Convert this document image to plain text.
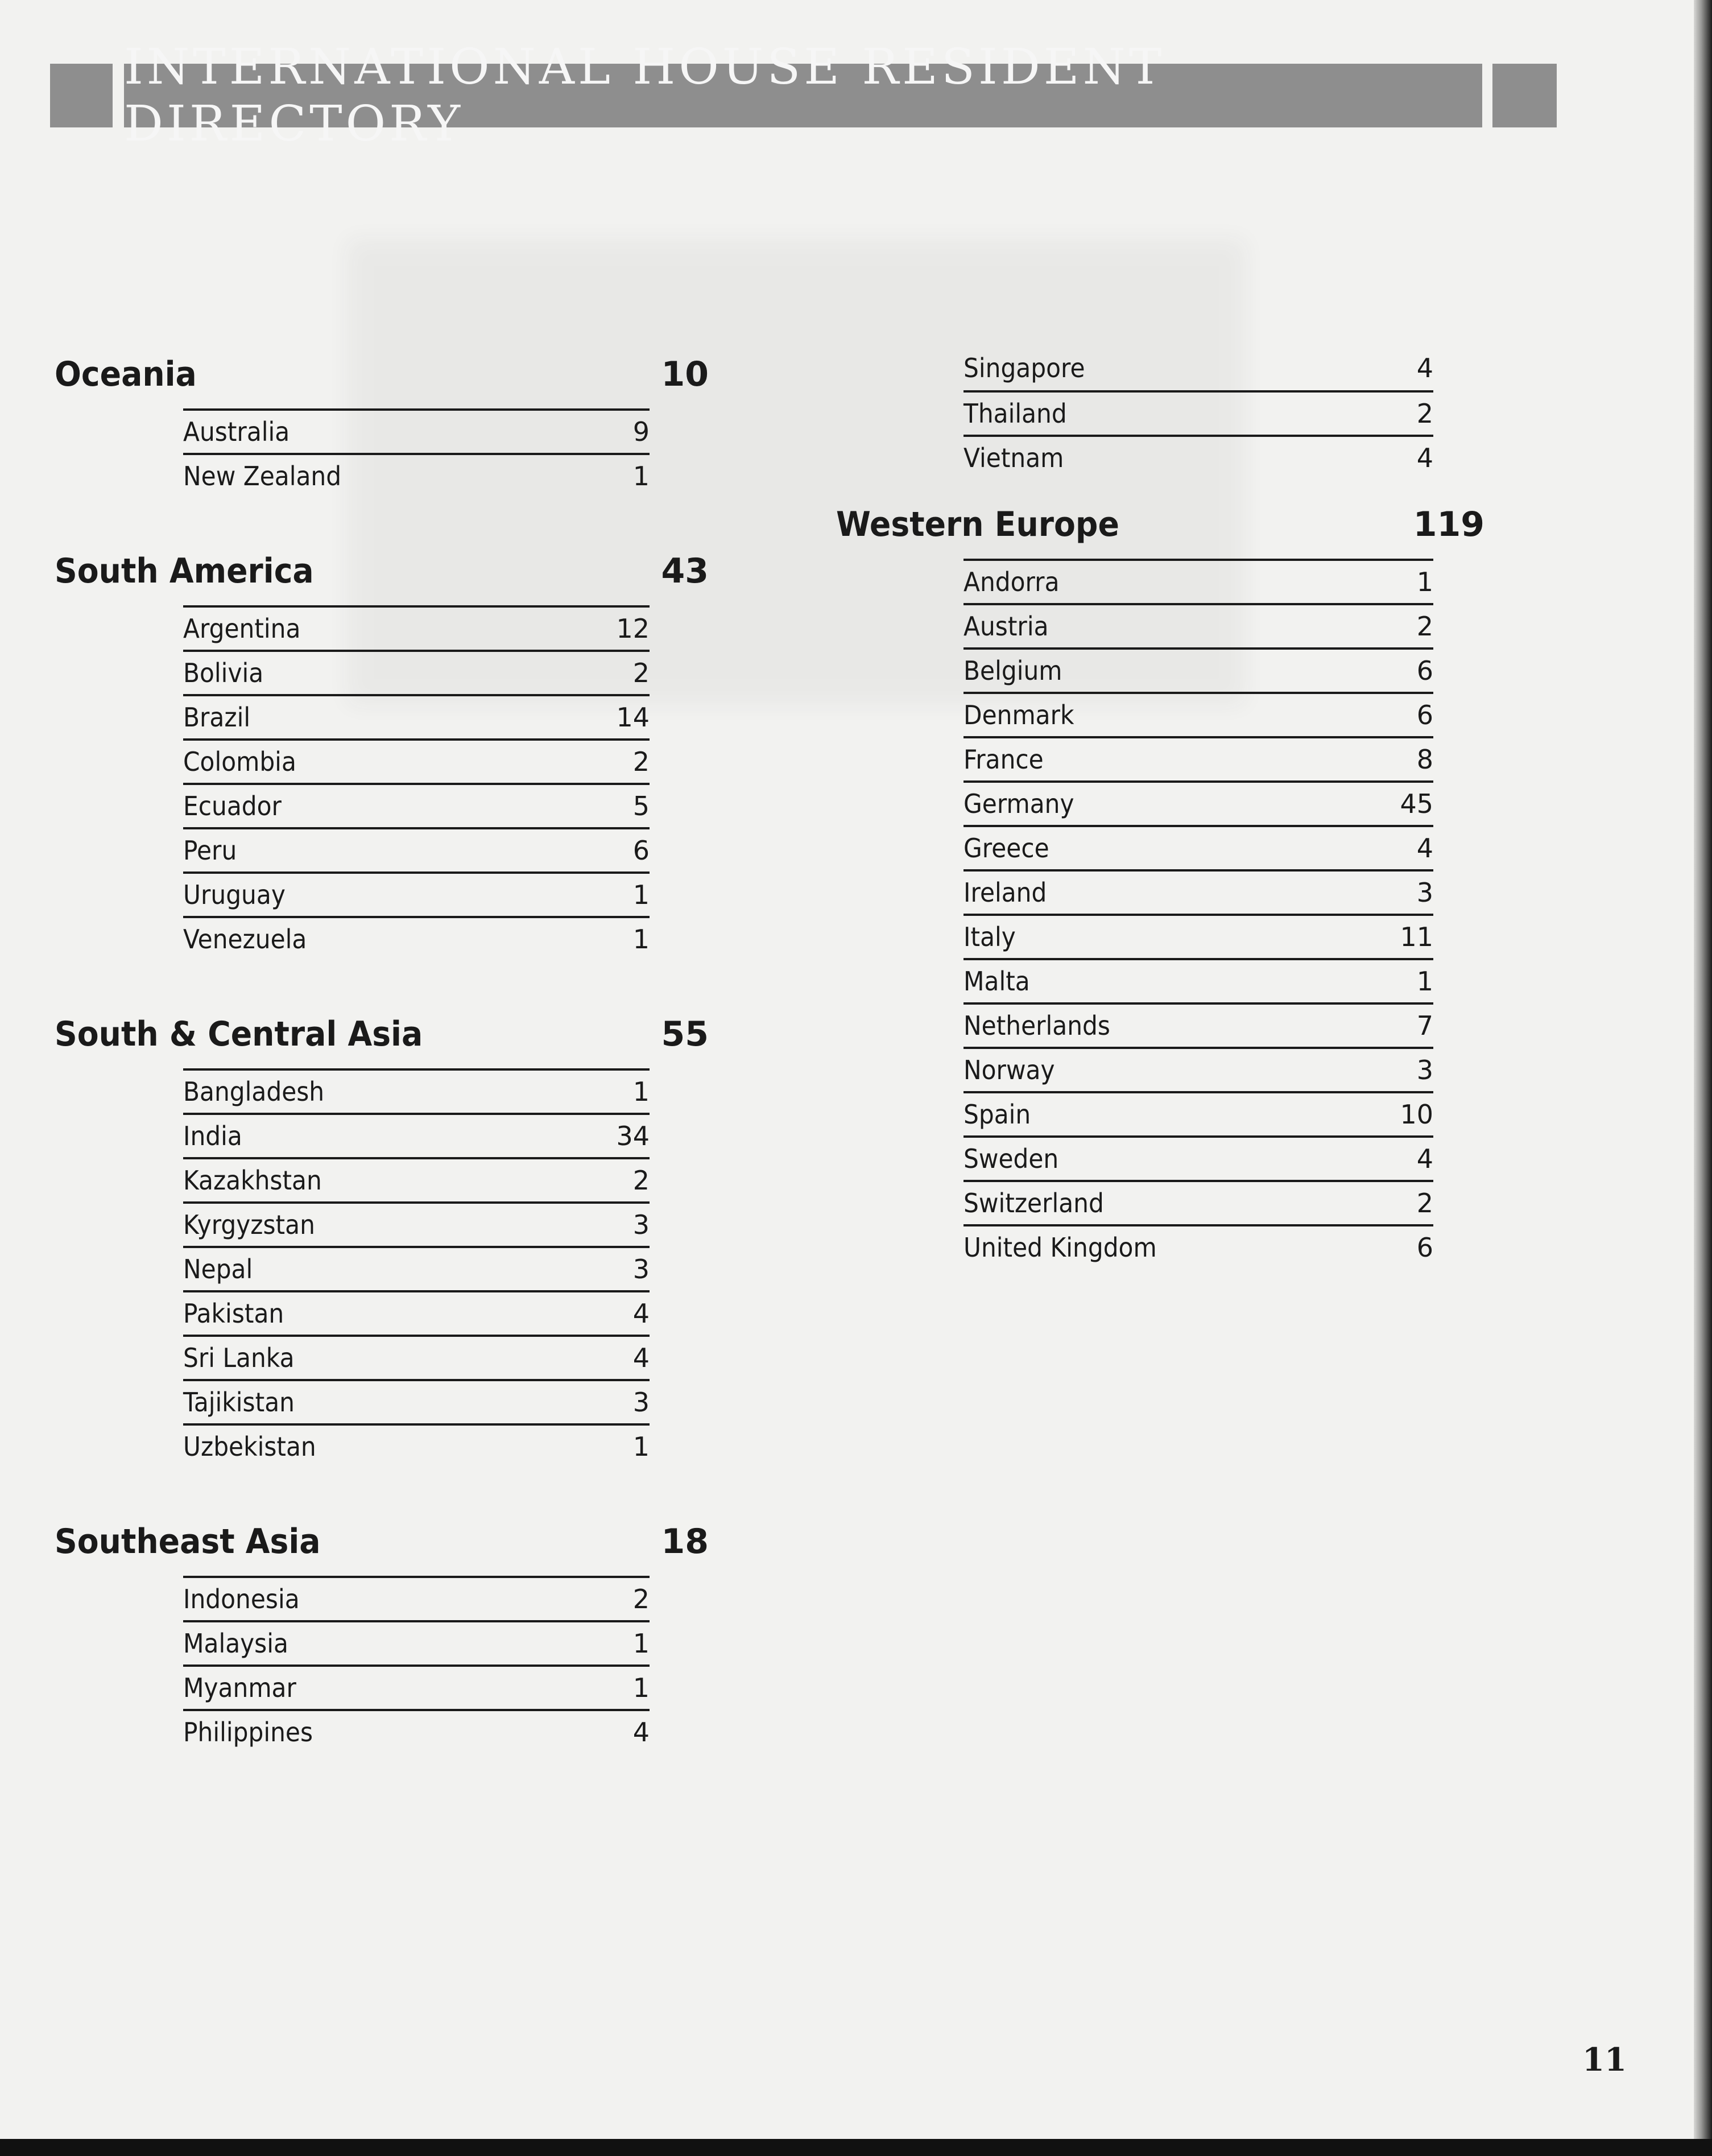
INTERNATIONAL HOUSE RESIDENT DIRECTORY
Oceania	10
Australia	9
New Zealand	1
South America	43
Argentina	12
Bolivia	2
Brazil	14
Colombia	2
Ecuador	5
Peru	6
Uruguay	1
Venezuela	1
South & Central Asia	55
Bangladesh	1
India	34
Kazakhstan	2
Kyrgyzstan	3
Nepal	3
Pakistan	4
Sri Lanka	4
Tajikistan	3
Uzbekistan	1
Southeast Asia	18
Indonesia	2
Malaysia	1
Myanmar	1
Philippines	4
Singapore	4
Thailand	2
Vietnam	4
Western Europe	119
Andorra	1
Austria	2
Belgium	6
Denmark	6
France	8
Germany	45
Greece	4
Ireland	3
Italy	11
Malta	1
Netherlands	7
Norway	3
Spain	10
Sweden	4
Switzerland	2
United Kingdom	6
11
